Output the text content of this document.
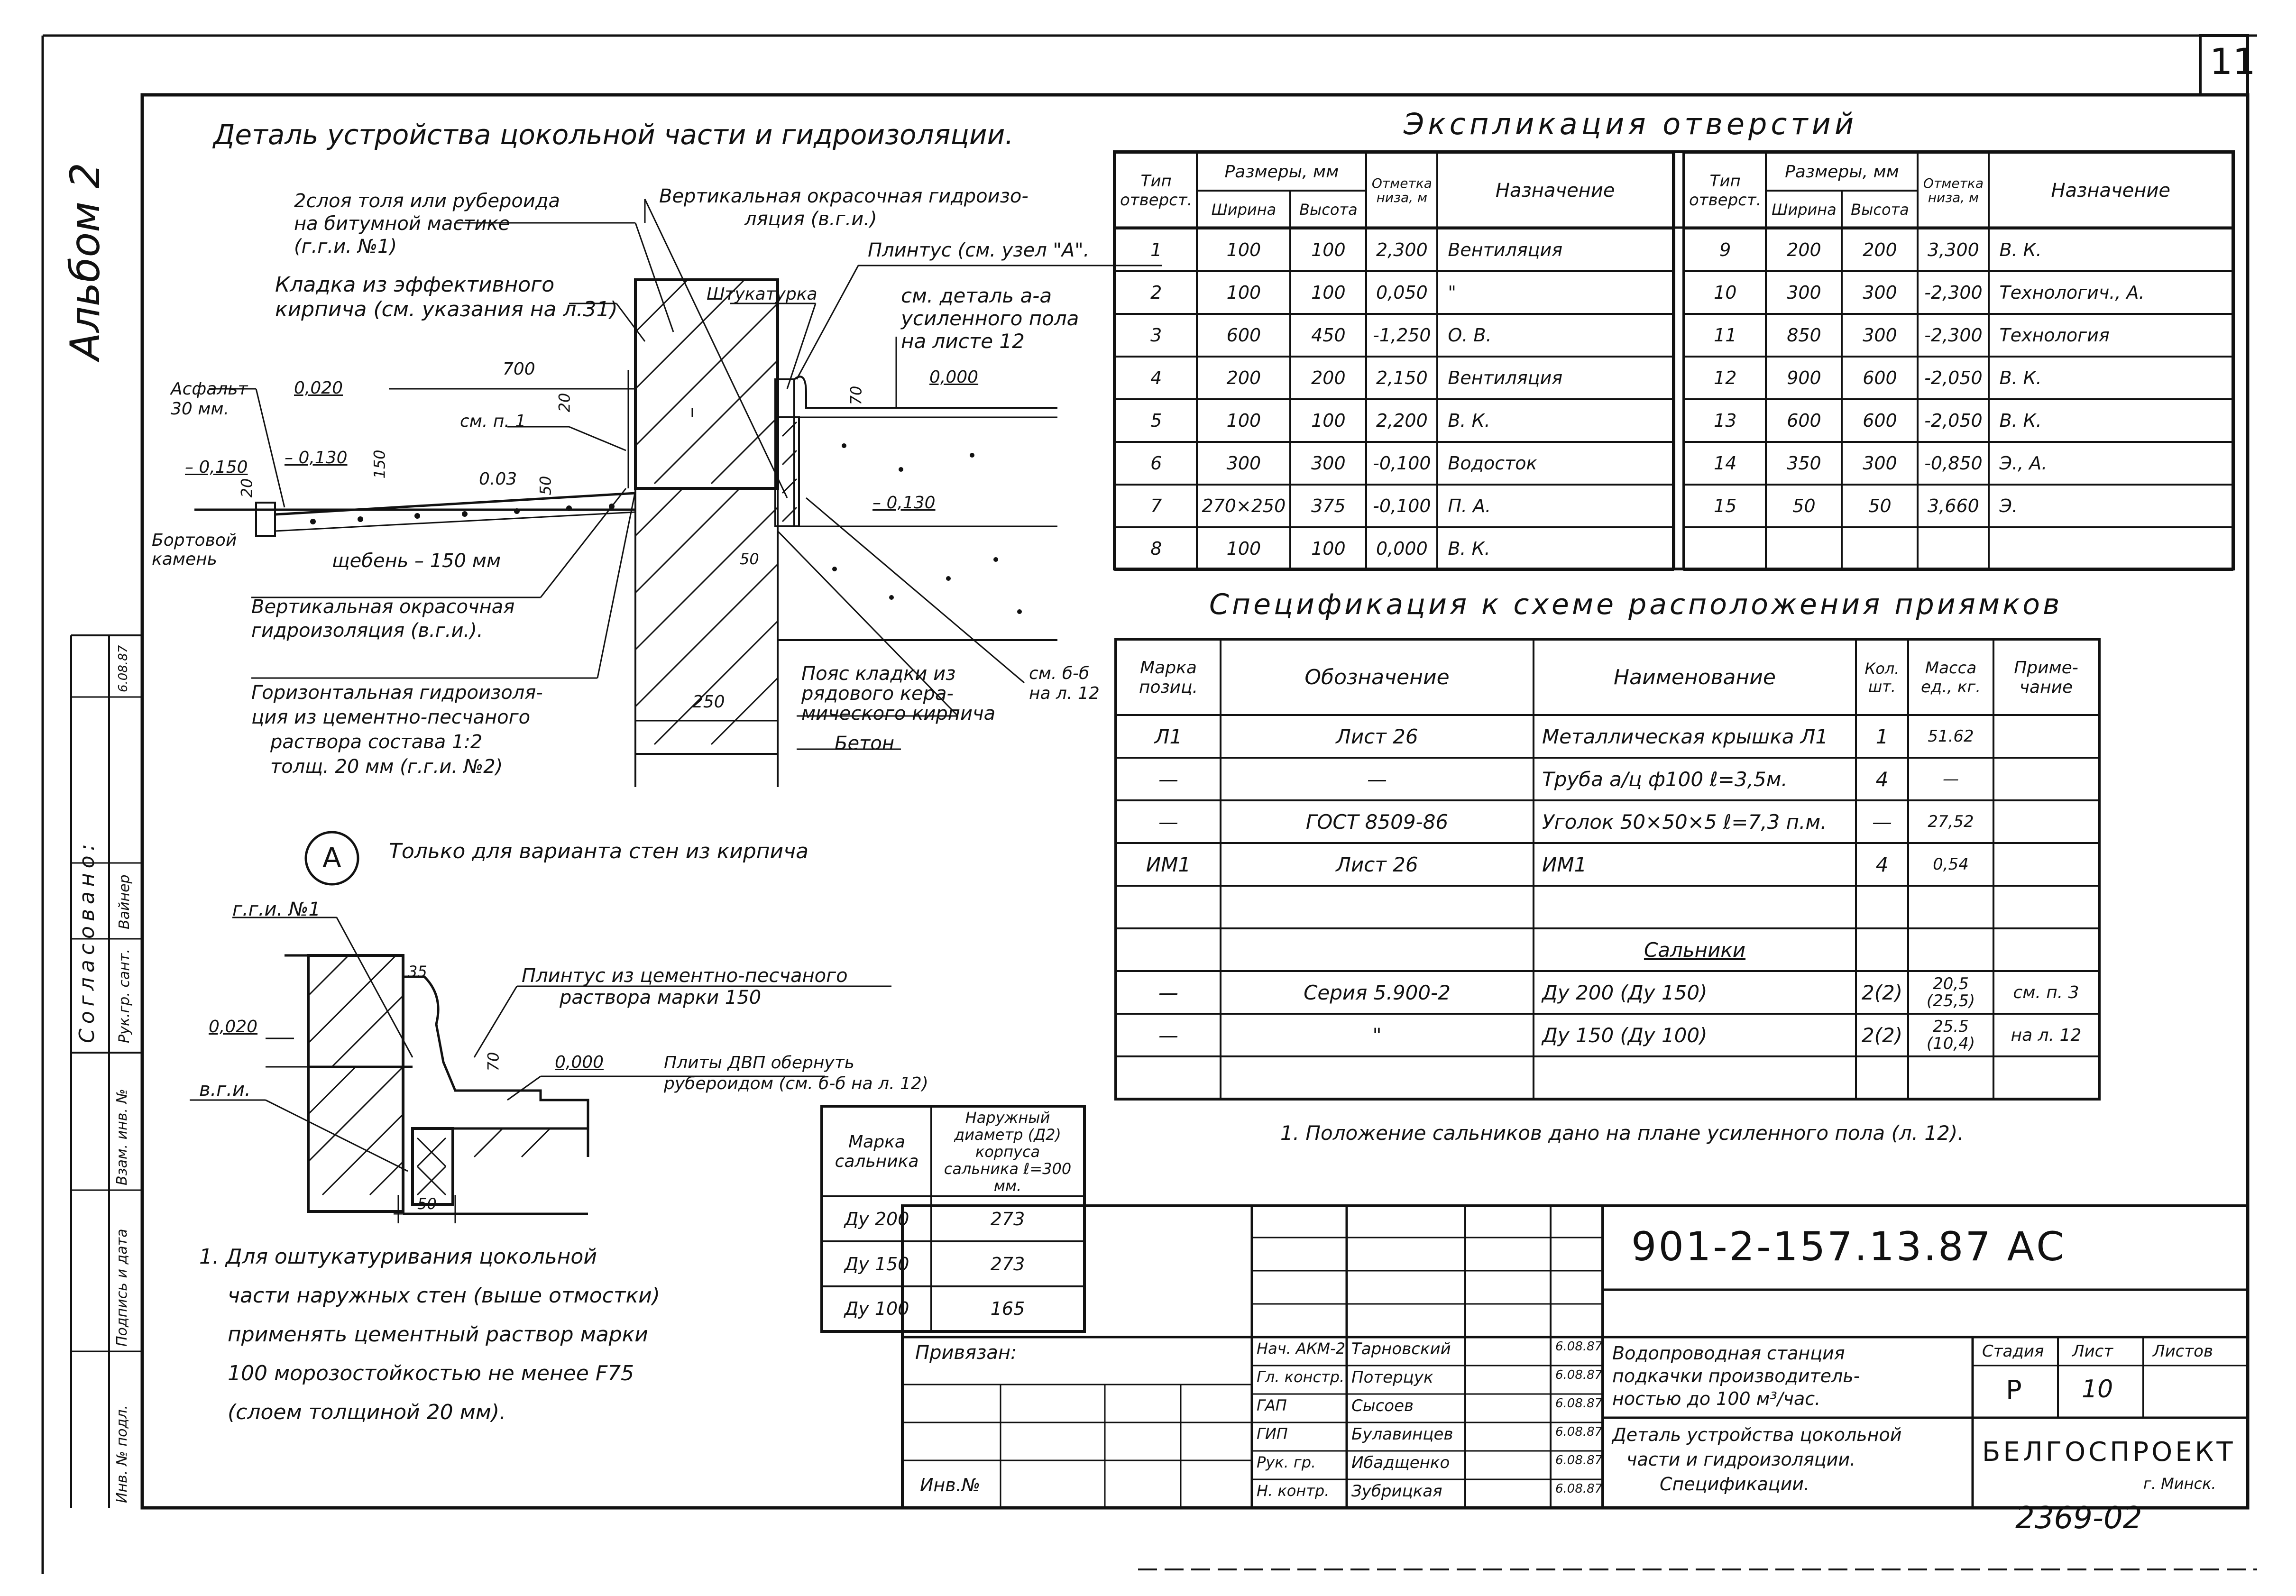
11
Альбом 2
2369-02
Деталь устройства цокольной части и гидроизоляции.
2слоя толя или рубероида
на битумной мастике
(г.г.и. №1)
Кладка из эффективного
кирпича (см. указания на л.31)
Вертикальная окрасочная гидроизо-
ляция (в.г.и.)
Штукатурка
Плинтус (см. узел "А".
см. деталь а-а
усиленного пола
на листе 12
Асфальт
30 мм.
Бортовой
камень	щебень – 150 мм
см. п. 1
0.03
700
250
150
20
20	50
50
70
0,020
– 0,150 – 0,130
0,000
– 0,130
Вертикальная окрасочная
гидроизоляция (в.г.и.).
Горизонтальная гидроизоля-
ция из цементно-песчаного
раствора состава 1:2
толщ. 20 мм (г.г.и. №2)
Пояс кладки из
рядового кера-
мического кирпича
Бетон
см. б-б
на л. 12
А Только для варианта стен из кирпича
г.г.и. №1
в.г.и.
0,020
0,000
35
70
50
Плинтус из цементно-песчаного
раствора марки 150
Плиты ДВП обернуть
рубероидом (см. б-б на л. 12)
1. Для оштукатуривания цокольной
части наружных стен (выше отмостки)
применять цементный раствор марки
100 морозостойкостью не менее F75
(слоем толщиной 20 мм).
Марка сальника	Наружный диаметр (Д2) корпуса сальника ℓ=300 мм.
Ду 200	273
Ду 150	273
Ду 100	165
Экспликация отверстий
Тип отверст.	Размеры, мм		Отметка низа, м	Назначение
	Ширина	Высота		
1	100	100	2,300	Вентиляция
2	100	100	0,050	"
3	600	450	-1,250	О. В.
4	200	200	2,150	Вентиляция
5	100	100	2,200	В. К.
6	300	300	-0,100	Водосток
7	270×250	375	-0,100	П. А.
8	100	100	0,000	В. К.
Тип отверст.	Размеры, мм		Отметка низа, м	Назначение
	Ширина	Высота		
9	200	200	3,300	В. К.
10	300	300	-2,300	Технологич., А.
11	850	300	-2,300	Технология
12	900	600	-2,050	В. К.
13	600	600	-2,050	В. К.
14	350	300	-0,850	Э., А.
15	50	50	3,660	Э.

Спецификация к схеме расположения приямков
Марка позиц.	Обозначение	Наименование	Кол. шт.	Масса ед., кг.	Приме- чание
Л1	Лист 26	Металлическая крышка Л1	1	51.62	
—	—	Труба а/ц ф100 ℓ=3,5м.	4	—	
—	ГОСТ 8509-86	Уголок 50×50×5 ℓ=7,3 п.м.	—	27,52	
ИМ1	Лист 26	ИМ1	4	0,54	

		Сальники			
—	Серия 5.900-2	Ду 200 (Ду 150)	2(2)	20,5 (25,5)	см. п. 3
—	"	Ду 150 (Ду 100)	2(2)	25.5 (10,4)	на л. 12

1. Положение сальников дано на плане усиленного пола (л. 12).
901-2-157.13.87 АС
Привязан:
Инв.№
Нач. АКМ-2 Тарновский	6.08.87
Гл. констр. Потерцук	6.08.87
ГАП	Сысоев	6.08.87
ГИП	Булавинцев	6.08.87
Рук. гр. Ибадщенко	6.08.87
Н. контр. Зубрицкая	6.08.87
Водопроводная станция
подкачки производитель-
ностью до 100 м³/час.
Деталь устройства цокольной
части и гидроизоляции.
Спецификации.
Стадия Лист Листов
Р 10
БЕЛГОСПРОЕКТ
г. Минск.
Согласовано: Рук.гр. сант.
Вайнер
6.08.87
Взам. инв. №
Подпись и дата
Инв. № подл.
